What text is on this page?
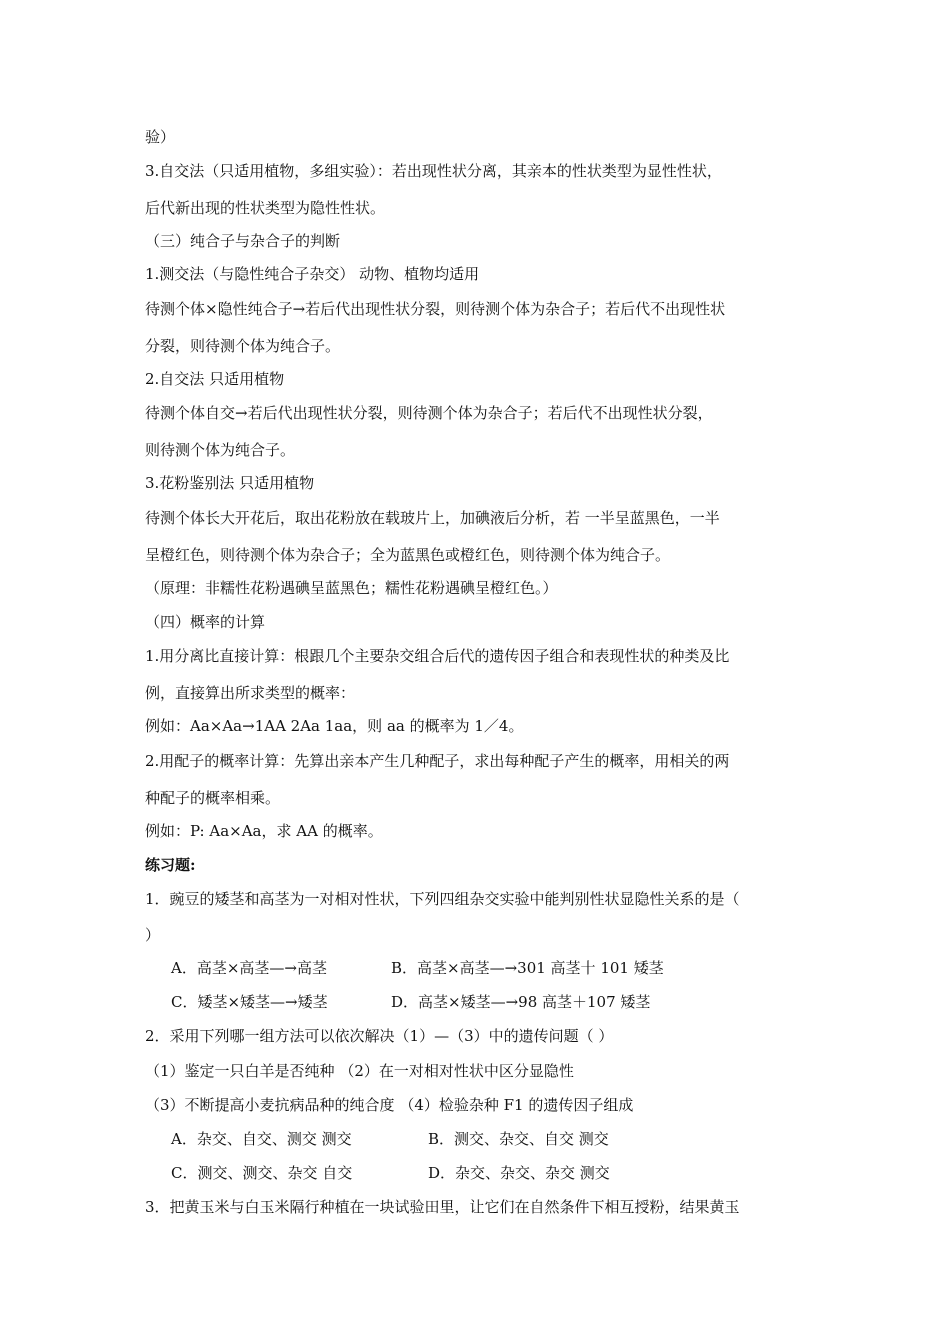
验）
3.自交法（只适用植物，多组实验）：若出现性状分离，其亲本的性状类型为显性性状，
后代新出现的性状类型为隐性性状。
（三）纯合子与杂合子的判断
1.测交法（与隐性纯合子杂交） 动物、植物均适用
待测个体×隐性纯合子→若后代出现性状分裂，则待测个体为杂合子；若后代不出现性状
分裂，则待测个体为纯合子。
2.自交法 只适用植物
待测个体自交→若后代出现性状分裂，则待测个体为杂合子；若后代不出现性状分裂，
则待测个体为纯合子。
3.花粉鉴别法 只适用植物
待测个体长大开花后，取出花粉放在载玻片上，加碘液后分析，若 一半呈蓝黑色，一半
呈橙红色，则待测个体为杂合子；全为蓝黑色或橙红色，则待测个体为纯合子。
（原理：非糯性花粉遇碘呈蓝黑色；糯性花粉遇碘呈橙红色。）
（四）概率的计算
1.用分离比直接计算：根跟几个主要杂交组合后代的遗传因子组合和表现性状的种类及比
例，直接算出所求类型的概率：
例如：Aa×Aa→1AA 2Aa 1aa，则 aa 的概率为 1／4。
2.用配子的概率计算：先算出亲本产生几种配子，求出每种配子产生的概率，用相关的两
种配子的概率相乘。
例如：P: Aa×Aa，求 AA 的概率。
练习题:
1．豌豆的矮茎和高茎为一对相对性状，下列四组杂交实验中能判别性状显隐性关系的是（
）
A．高茎×高茎—→高茎	B．高茎×高茎—→301 高茎十 101 矮茎
C．矮茎×矮茎—→矮茎	D．高茎×矮茎—→98 高茎＋107 矮茎
2．采用下列哪一组方法可以依次解决（1）—（3）中的遗传问题（ ）
（1）鉴定一只白羊是否纯种 （2）在一对相对性状中区分显隐性
（3）不断提高小麦抗病品种的纯合度 （4）检验杂种 F1 的遗传因子组成
A．杂交、自交、测交 测交	B．测交、杂交、自交 测交
C．测交、测交、杂交 自交	D．杂交、杂交、杂交 测交
3．把黄玉米与白玉米隔行种植在一块试验田里，让它们在自然条件下相互授粉，结果黄玉
